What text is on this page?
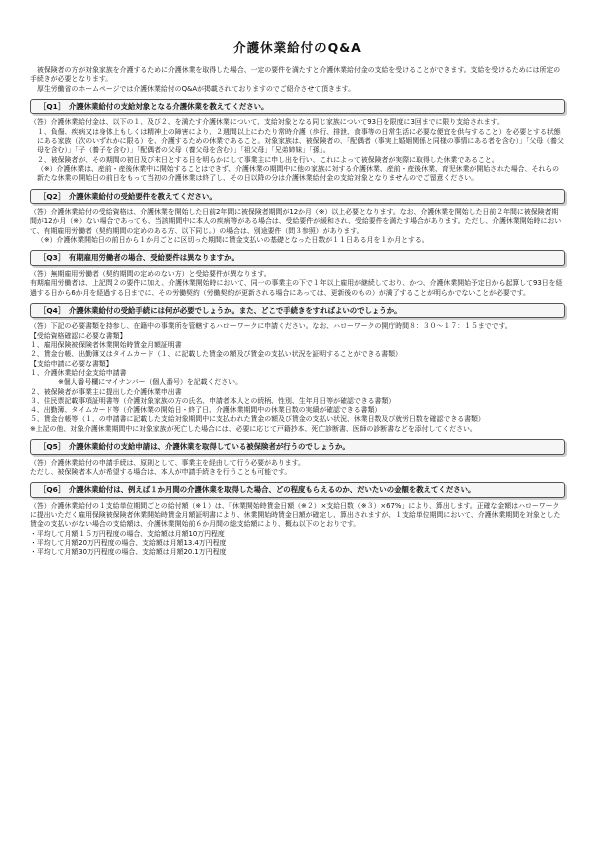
介護休業給付のQ&A

被保険者の方が対象家族を介護するために介護休業を取得した場合、一定の要件を満たすと介護休業給付金の支給を受けることができます。支給を受けるためには所定の手続きが必要となります。

厚生労働省のホームページでは介護休業給付のQ&Aが掲載されておりますのでご紹介させて頂きます。

［Q1］　介護休業給付の支給対象となる介護休業を教えてください。
（答）介護休業給付金は、以下の１、及び２、を満たす介護休業について、支給対象となる同じ家族について93日を限度に3回までに限り支給されます。
１、負傷、疾病又は身体上もしくは精神上の障害により、２週間以上にわたり常時介護（歩行、排泄、食事等の日常生活に必要な便宜を供与すること）を必要とする状態にある家族（次のいずれかに限る）を、介護するための休業であること。対象家族は、被保険者の、「配偶者（事実上婚姻関係と同様の事情にある者を含む）」「父母（養父母を含む）」「子（養子を含む）」「配偶者の父母（養父母を含む）」「祖父母」「兄弟姉妹」「孫」。
２、被保険者が、その期間の初日及び末日とする日を明らかにして事業主に申し出を行い、これによって被保険者が実際に取得した休業であること。
（※）介護休業は、産前・産後休業中に開始することはできず、介護休業の期間中に他の家族に対する介護休業、産前・産後休業、育児休業が開始された場合、それらの新たな休業の開始日の前日をもって当初の介護休業は終了し、その日以降の分は介護休業給付金の支給対象となりませんのでご留意ください。
［Q2］　介護休業給付の受給要件を教えてください。
（答）介護休業給付の受給資格は、介護休業を開始した日前2年間に被保険者期間が12か月（※）以上必要となります。なお、介護休業を開始した日前２年間に被保険者期間が12か月（※）ない場合であっても、当該期間中に本人の疾病等がある場合は、受給要件が緩和され、受給要件を満たす場合があります。ただし、介護休業開始時において、有期雇用労働者（契約期間の定めのある方、以下同じ。）の場合は、別途要件（問３参照）があります。
（※）介護休業開始日の前日から１か月ごとに区切った期間に賃金支払いの基礎となった日数が１１日ある月を１か月とする。
［Q3］　有期雇用労働者の場合、受給要件は異なりますか。
（答）無期雇用労働者（契約期間の定めのない方）と受給要件が異なります。
有期雇用労働者は、上記問２の要件に加え、介護休業開始時において、同一の事業主の下で１年以上雇用が継続しており、かつ、介護休業開始予定日から起算して93日を経過する日から6か月を経過する日までに、その労働契約（労働契約が更新される場合にあっては、更新後のもの）が満了することが明らかでないことが必要です。
［Q4］　介護休業給付の受給手続には何が必要でしょうか。また、どこで手続きをすればよいのでしょうか。
（答）下記の必要書類を持参し、在籍中の事業所を管轄するハローワークに申請ください。なお、ハローワークの開庁時間８：３０～１７：１５までです。
【受給資格確認に必要な書類】
１、雇用保険被保険者休業開始時賃金月額証明書
２、賃金台帳、出勤簿又はタイムカード（１、に記載した賃金の額及び賃金の支払い状況を証明することができる書類）
【支給申請に必要な書類】
１、介護休業給付金支給申請書
※個人番号欄にマイナンバー（個人番号）を記載ください。
２、被保険者が事業主に提出した介護休業申出書
３、住民票記載事項証明書等（介護対象家族の方の氏名、申請者本人との続柄、性別、生年月日等が確認できる書類）
４、出勤簿、タイムカード等（介護休業の開始日・終了日、介護休業期間中の休業日数の実績が確認できる書類）
５、賃金台帳等（１、の申請書に記載した支給対象期間中に支払われた賃金の額及び賃金の支払い状況、休業日数及び就労日数を確認できる書類）
※上記の他、対象介護休業期間中に対象家族が死亡した場合には、必要に応じて戸籍抄本、死亡診断書、医師の診断書などを添付してください。
［Q5］　介護休業給付の支給申請は、介護休業を取得している被保険者が行うのでしょうか。
（答）介護休業給付の申請手続は、原則として、事業主を経由して行う必要があります。
ただし、被保険者本人が希望する場合は、本人が申請手続きを行うことも可能です。
［Q6］　介護休業給付は、例えば１か月間の介護休業を取得した場合、どの程度もらえるのか、だいたいの金額を教えてください。
（答）介護休業給付の１支給単位期間ごとの給付額（※１）は、「休業開始時賃金日額（※２）×支給日数（※３）×67%」により、算出します。正確な金額はハローワークに提出いただく雇用保険被保険者休業開始時賃金月額証明書により、休業開始時賃金日額が確定し、算出されますが、１支給単位期間において、介護休業期間を対象とした賃金の支払いがない場合の支給額は、介護休業開始前６か月間の総支給額により、概ね以下のとおりです。
・平均して月額１５万円程度の場合、支給額は月額10万円程度
・平均して月額20万円程度の場合、支給額は月額13.4万円程度
・平均して月額30万円程度の場合、支給額は月額20.1万円程度
